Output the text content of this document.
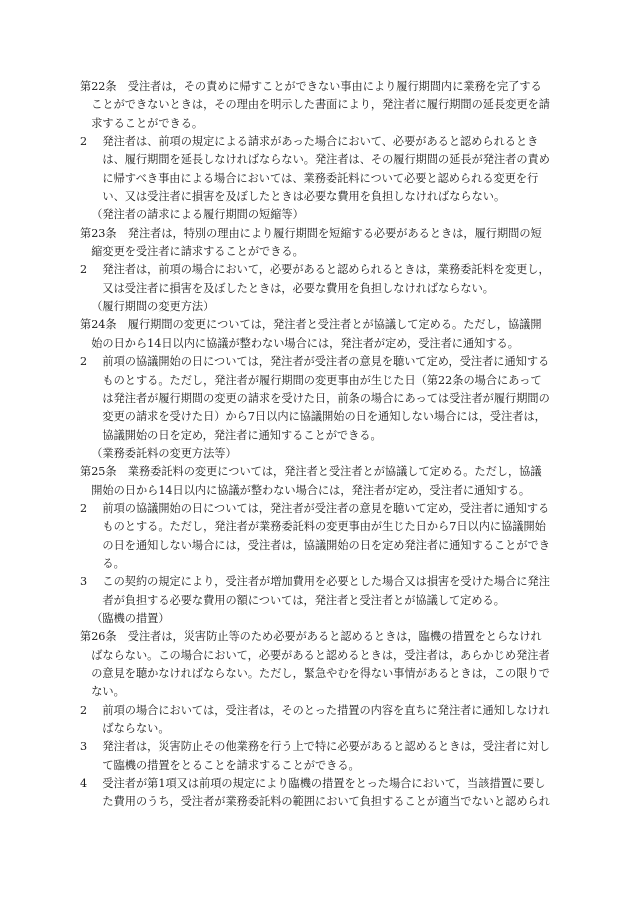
第22条　受注者は，その責めに帰すことができない事由により履行期間内に業務を完了することができないときは，その理由を明示した書面により，発注者に履行期間の延長変更を請求することができる。

2 発注者は、前項の規定による請求があった場合において、必要があると認められるときは、履行期間を延長しなければならない。発注者は、その履行期間の延長が発注者の責めに帰すべき事由による場合においては、業務委託料について必要と認められる変更を行い、又は受注者に損害を及ぼしたときは必要な費用を負担しなければならない。

（発注者の請求による履行期間の短縮等）

第23条　発注者は，特別の理由により履行期間を短縮する必要があるときは，履行期間の短縮変更を受注者に請求することができる。

2 発注者は，前項の場合において，必要があると認められるときは，業務委託料を変更し，又は受注者に損害を及ぼしたときは，必要な費用を負担しなければならない。

（履行期間の変更方法）

第24条　履行期間の変更については，発注者と受注者とが協議して定める。ただし，協議開始の日から14日以内に協議が整わない場合には，発注者が定め，受注者に通知する。

2 前項の協議開始の日については，発注者が受注者の意見を聴いて定め，受注者に通知するものとする。ただし，発注者が履行期間の変更事由が生じた日（第22条の場合にあっては発注者が履行期間の変更の請求を受けた日，前条の場合にあっては受注者が履行期間の変更の請求を受けた日）から7日以内に協議開始の日を通知しない場合には，受注者は，協議開始の日を定め，発注者に通知することができる。

（業務委託料の変更方法等）

第25条　業務委託料の変更については，発注者と受注者とが協議して定める。ただし，協議開始の日から14日以内に協議が整わない場合には，発注者が定め，受注者に通知する。

2 前項の協議開始の日については，発注者が受注者の意見を聴いて定め，受注者に通知するものとする。ただし，発注者が業務委託料の変更事由が生じた日から7日以内に協議開始の日を通知しない場合には，受注者は，協議開始の日を定め発注者に通知することができる。

3 この契約の規定により，受注者が増加費用を必要とした場合又は損害を受けた場合に発注者が負担する必要な費用の額については，発注者と受注者とが協議して定める。

（臨機の措置）

第26条　受注者は，災害防止等のため必要があると認めるときは，臨機の措置をとらなければならない。この場合において，必要があると認めるときは，受注者は，あらかじめ発注者の意見を聴かなければならない。ただし，緊急やむを得ない事情があるときは，この限りでない。

2 前項の場合においては，受注者は，そのとった措置の内容を直ちに発注者に通知しなければならない。

3 発注者は，災害防止その他業務を行う上で特に必要があると認めるときは，受注者に対して臨機の措置をとることを請求することができる。

4 受注者が第1項又は前項の規定により臨機の措置をとった場合において，当該措置に要した費用のうち，受注者が業務委託料の範囲において負担することが適当でないと認められ
